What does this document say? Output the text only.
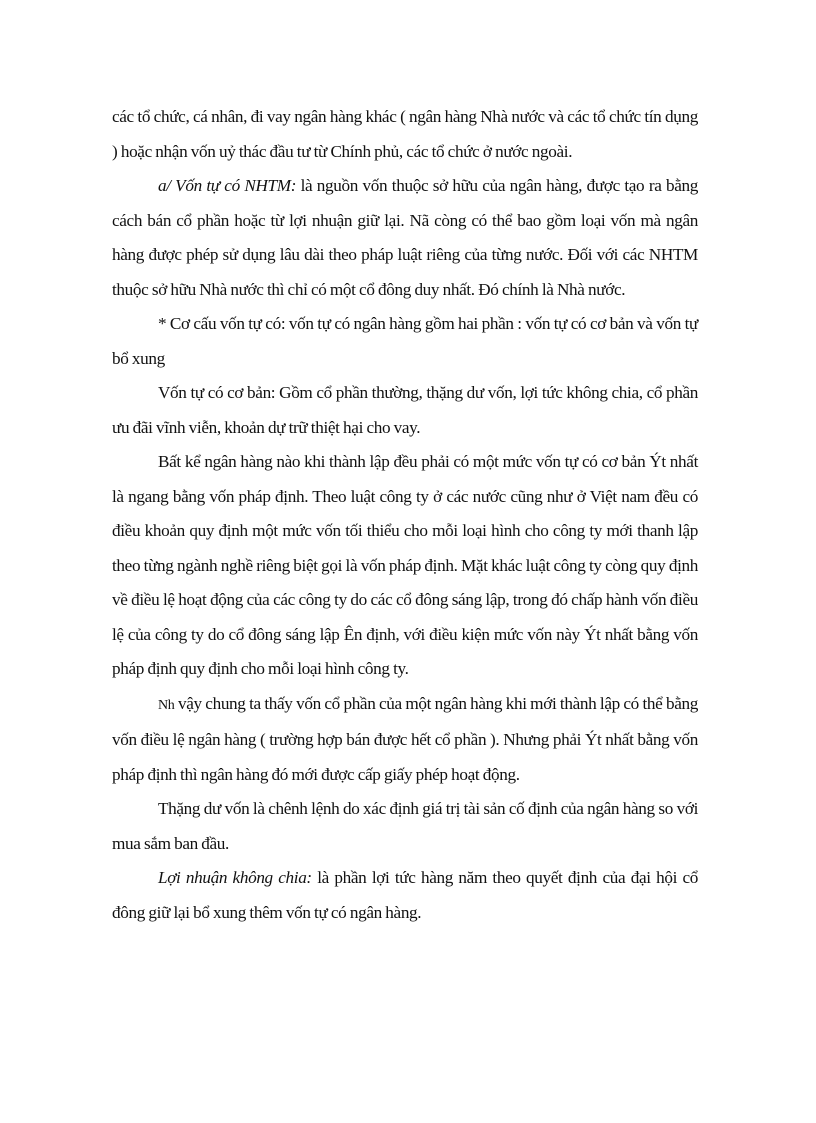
các tổ chức, cá nhân, đi vay ngân hàng khác ( ngân hàng Nhà nước và các tổ chức tín dụng ) hoặc nhận vốn uỷ thác đầu tư từ Chính phủ, các tổ chức ở nước ngoài.

a/ Vốn tự có NHTM: là nguồn vốn thuộc sở hữu của ngân hàng, được tạo ra bằng cách bán cổ phần hoặc từ lợi nhuận giữ lại. Nã còng có thể bao gồm loại vốn mà ngân hàng được phép sử dụng lâu dài theo pháp luật riêng của từng nước. Đối với các NHTM thuộc sở hữu Nhà nước thì chỉ có một cổ đông duy nhất. Đó chính là Nhà nước.

* Cơ cấu vốn tự có: vốn tự có ngân hàng gồm hai phần : vốn tự có cơ bản và vốn tự bổ xung

Vốn tự có cơ bản: Gồm cổ phần thường, thặng dư vốn, lợi tức không chia, cổ phần ưu đãi vĩnh viễn, khoản dự trữ thiệt hại cho vay.

Bất kể ngân hàng nào khi thành lập đều phải có một mức vốn tự có cơ bản Ýt nhất là ngang bằng vốn pháp định. Theo luật công ty ở các nước cũng như ở Việt nam đều có điều khoản quy định một mức vốn tối thiểu cho mỗi loại hình cho công ty mới thanh lập theo từng ngành nghề riêng biệt gọi là vốn pháp định. Mặt khác luật công ty còng quy định về điều lệ hoạt động của các công ty do các cổ đông sáng lập, trong đó chấp hành vốn điều lệ của công ty do cổ đông sáng lập Ên định, với điều kiện mức vốn này Ýt nhất bằng vốn pháp định quy định cho mỗi loại hình công ty.

Nh vậy chung ta thấy vốn cổ phần của một ngân hàng khi mới thành lập có thể bằng vốn điều lệ ngân hàng ( trường hợp bán được hết cổ phần ). Nhưng phải Ýt nhất bằng vốn pháp định thì ngân hàng đó mới được cấp giấy phép hoạt động.

Thặng dư vốn là chênh lệnh do xác định giá trị tài sản cố định của ngân hàng so với mua sắm ban đầu.

Lợi nhuận không chia: là phần lợi tức hàng năm theo quyết định của đại hội cổ đông giữ lại bổ xung thêm vốn tự có ngân hàng.
